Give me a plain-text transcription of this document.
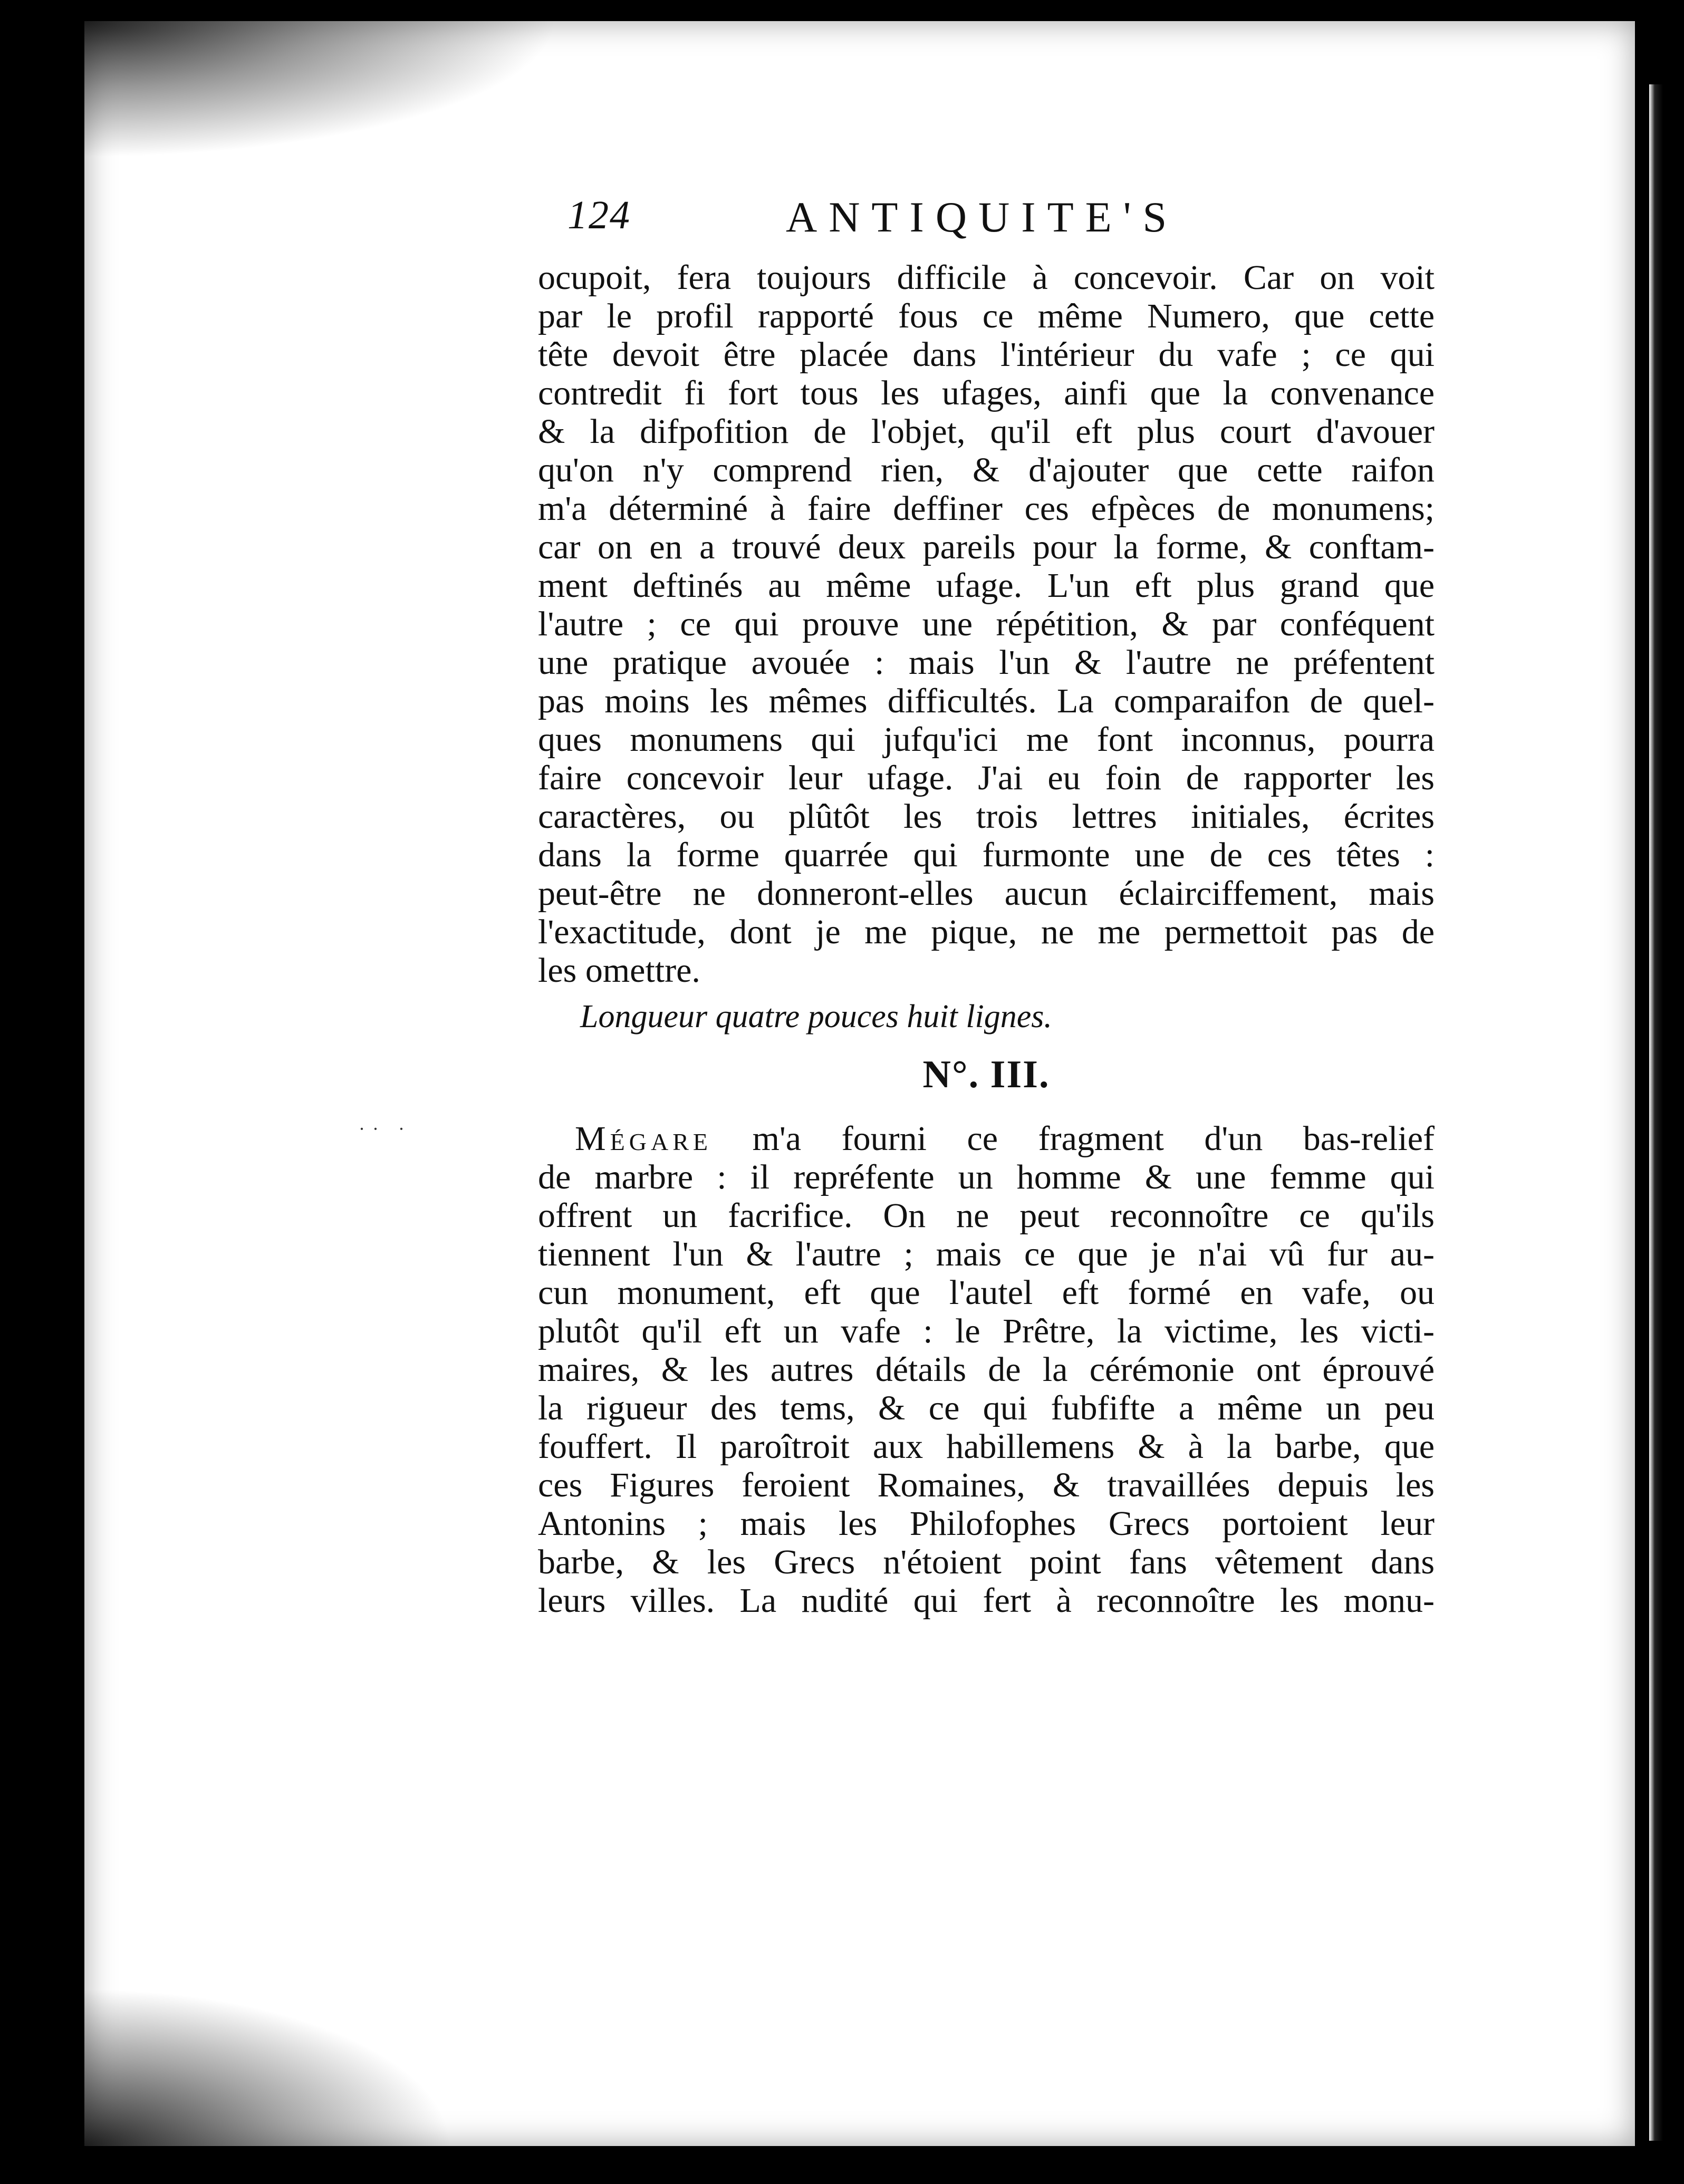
·· ·
124	ANTIQUITE'S
ocupoit, fera toujours difficile à concevoir. Car on voit
par le profil rapporté fous ce même Numero, que cette
tête devoit être placée dans l'intérieur du vafe ; ce qui
contredit fi fort tous les ufages, ainfi que la convenance
& la difpofition de l'objet, qu'il eft plus court d'avouer
qu'on n'y comprend rien, & d'ajouter que cette raifon
m'a déterminé à faire deffiner ces efpèces de monumens;
car on en a trouvé deux pareils pour la forme, & conftam-
ment deftinés au même ufage. L'un eft plus grand que
l'autre ; ce qui prouve une répétition, & par conféquent
une pratique avouée : mais l'un & l'autre ne préfentent
pas moins les mêmes difficultés. La comparaifon de quel-
ques monumens qui jufqu'ici me font inconnus, pourra
faire concevoir leur ufage. J'ai eu foin de rapporter les
caractères, ou plûtôt les trois lettres initiales, écrites
dans la forme quarrée qui furmonte une de ces têtes :
peut-être ne donneront-elles aucun éclairciffement, mais
l'exactitude, dont je me pique, ne me permettoit pas de
les omettre.
Longueur quatre pouces huit lignes.
N°. III.
Mégare m'a fourni ce fragment d'un bas-relief
de marbre : il repréfente un homme & une femme qui
offrent un facrifice. On ne peut reconnoître ce qu'ils
tiennent l'un & l'autre ; mais ce que je n'ai vû fur au-
cun monument, eft que l'autel eft formé en vafe, ou
plutôt qu'il eft un vafe : le Prêtre, la victime, les victi-
maires, & les autres détails de la cérémonie ont éprouvé
la rigueur des tems, & ce qui fubfifte a même un peu
fouffert. Il paroîtroit aux habillemens & à la barbe, que
ces Figures feroient Romaines, & travaillées depuis les
Antonins ; mais les Philofophes Grecs portoient leur
barbe, & les Grecs n'étoient point fans vêtement dans
leurs villes. La nudité qui fert à reconnoître les monu-
